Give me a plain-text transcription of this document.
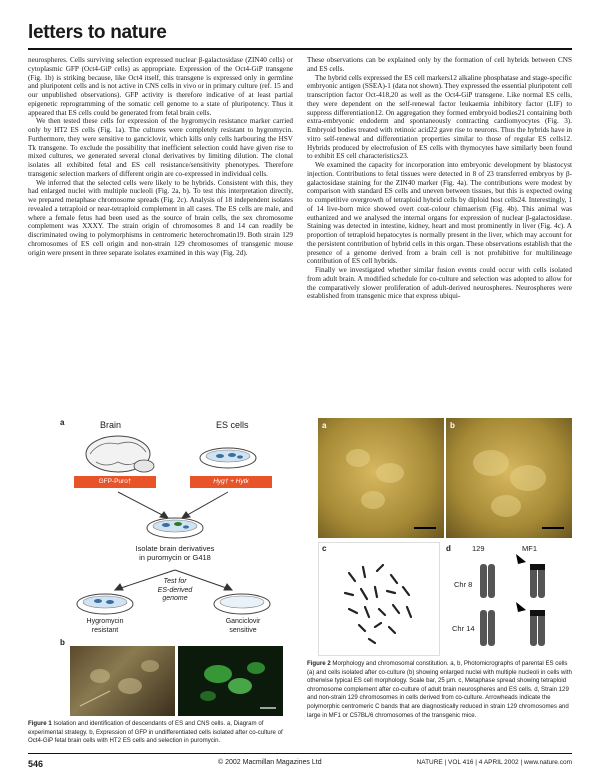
letters to nature

neurospheres. Cells surviving selection expressed nuclear β-galactosidase (ZIN40 cells) or cytoplasmic GFP (Oct4-GiP cells) as appropriate. Expression of the Oct4-GiP transgene (Fig. 1b) is striking because, like Oct4 itself, this transgene is expressed only in germline and pluripotent cells and is not active in CNS cells in vivo or in primary culture (ref. 15 and our unpublished observations). GFP activity is therefore indicative of at least partial epigenetic reprogramming of the somatic cell genome to a state of pluripotency. Thus it appeared that ES cells could be generated from fetal brain cells.

We then tested these cells for expression of the hygromycin resistance marker carried only by HT2 ES cells (Fig. 1a). The cultures were completely resistant to hygromycin. Furthermore, they were sensitive to ganciclovir, which kills only cells harbouring the HSV Tk transgene. To exclude the possibility that inefficient selection could have given rise to mixed cultures, we generated several clonal derivatives by limiting dilution. The clonal isolates all exhibited fetal and ES cell resistance/sensitivity phenotypes. Therefore transgenic selection markers of different origin are co-expressed in individual cells.

We inferred that the selected cells were likely to be hybrids. Consistent with this, they had enlarged nuclei with multiple nucleoli (Fig. 2a, b). To test this interpretation directly, we prepared metaphase chromosome spreads (Fig. 2c). Analysis of 18 independent isolates revealed a tetraploid or near-tetraploid complement in all cases. The ES cells are male, and where a female fetus had been used as the source of brain cells, the sex chromosome complement was XXXY. The strain origin of chromosomes 8 and 14 can readily be discriminated owing to polymorphisms in centromeric heterochromatin19. Both strain 129 chromosomes of ES cell origin and non-strain 129 chromosomes of transgenic mouse origin were present in three separate isolates examined in this way (Fig. 2d).

These observations can be explained only by the formation of cell hybrids between CNS and ES cells.

The hybrid cells expressed the ES cell markers12 alkaline phosphatase and stage-specific embryonic antigen (SSEA)-1 (data not shown). They expressed the essential pluripotent cell transcription factor Oct-418,20 as well as the Oct4-GiP transgene. Like normal ES cells, they were dependent on the self-renewal factor leukaemia inhibitory factor (LIF) to suppress differentiation12. On aggregation they formed embryoid bodies21 containing both extra-embryonic endoderm and spontaneously contracting cardiomyocytes (Fig. 3). Embryoid bodies treated with retinoic acid22 gave rise to neurons. Thus the hybrids have in vitro self-renewal and differentiation properties similar to those of regular ES cells12. Hybrids produced by electrofusion of ES cells with thymocytes have similarly been found to exhibit ES cell characteristics23.

We examined the capacity for incorporation into embryonic development by blastocyst injection. Contributions to fetal tissues were detected in 8 of 23 transferred embryos by β-galactosidase staining for the ZIN40 marker (Fig. 4a). The contributions were modest by comparison with standard ES cells and uneven between tissues, but this is expected owing to competitive overgrowth of tetraploid hybrid cells by diploid host cells24. Interestingly, 1 of 14 live-born mice showed overt coat-colour chimaerism (Fig. 4b). This animal was euthanized and we analysed the internal organs for expression of nuclear β-galactosidase. Staining was detected in intestine, kidney, heart and most prominently in liver (Fig. 4c). A proportion of tetraploid hepatocytes is normally present in the liver, which may account for the persistent contribution of hybrid cells in this organ. These observations establish that the presence of a genome derived from a brain cell is not prohibitive for multilineage contribution of ES cell hybrids.

Finally we investigated whether similar fusion events could occur with cells isolated from adult brain. A modified schedule for co-culture and selection was adopted to allow for the comparatively slower proliferation of adult-derived neurospheres. Neurospheres were established from transgenic mice that express ubiqui-

a	Brain	ES cells
GFP-Puro†	Hyg† + Hytk
Isolate brain derivatives
in puromycin or G418
Test for
ES-derived
genome
Hygromycin
resistant
Ganciclovir
sensitive
b
Figure 1 Isolation and identification of descendants of ES and CNS cells. a, Diagram of experimental strategy. b, Expression of GFP in undifferentiated cells isolated after co-culture of Oct4-GiP fetal brain cells with HT2 ES cells and selection in puromycin.
a	b
c	d	129	MF1
Chr 8
Chr 14
Figure 2 Morphology and chromosomal constitution. a, b, Photomicrographs of parental ES cells (a) and cells isolated after co-culture (b) showing enlarged nuclei with multiple nucleoli in cells with otherwise typical ES cell morphology. Scale bar, 25 μm. c, Metaphase spread showing tetraploid chromosome complement after co-culture of adult brain neurospheres and ES cells. d, Strain 129 and non-strain 129 chromosomes in cells derived from co-culture. Arrowheads indicate the polymorphic centromeric C bands that are diagnostically reduced in strain 129 chromosomes and large in MF1 or C57BL/6 chromosomes of the transgenic mice.
546	© 2002 Macmillan Magazines Ltd	NATURE | VOL 416 | 4 APRIL 2002 | www.nature.com
